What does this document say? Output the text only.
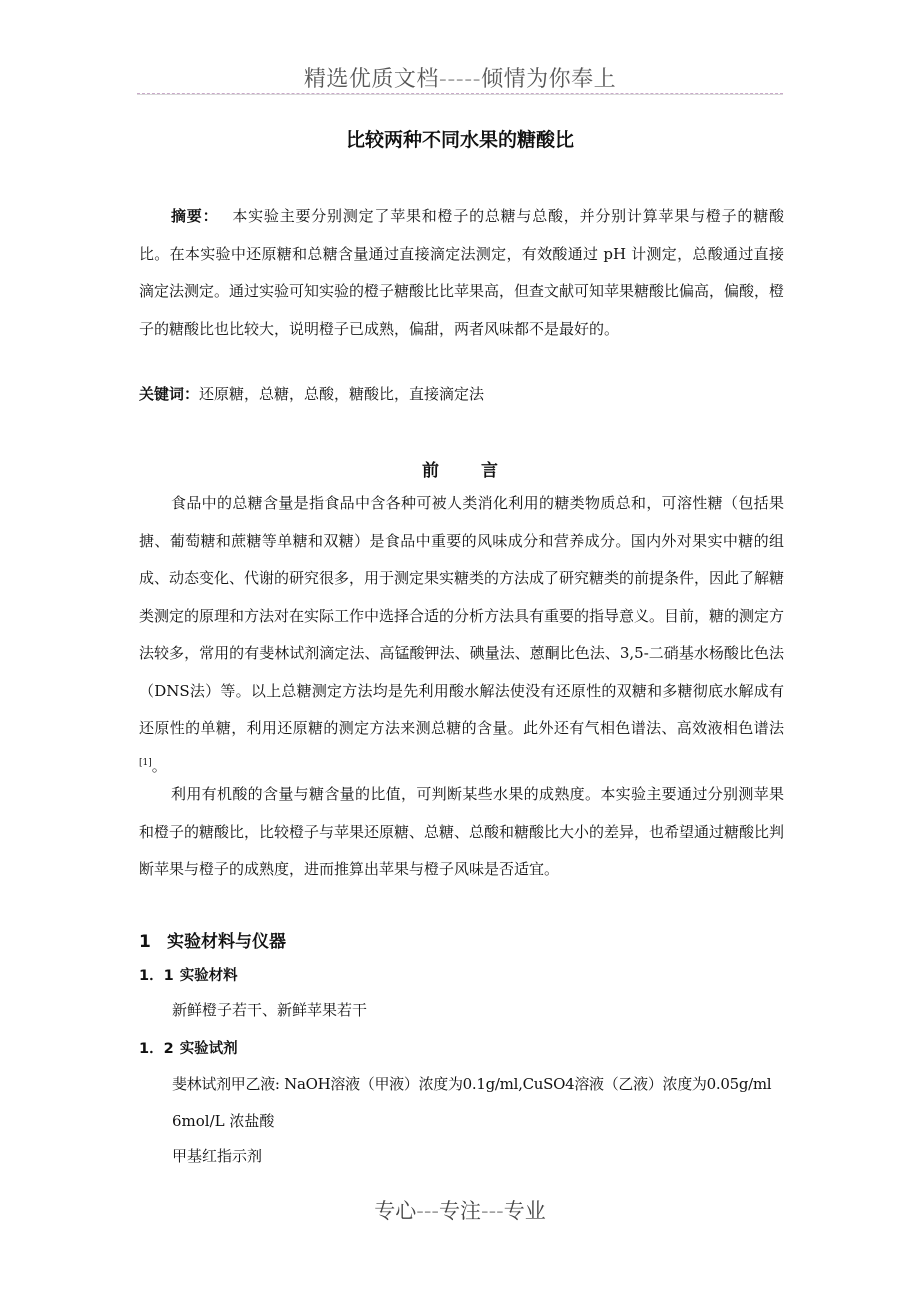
精选优质文档-----倾情为你奉上
比较两种不同水果的糖酸比
摘要： 本实验主要分别测定了苹果和橙子的总糖与总酸，并分别计算苹果与橙子的糖酸比。在本实验中还原糖和总糖含量通过直接滴定法测定，有效酸通过 pH 计测定，总酸通过直接滴定法测定。通过实验可知实验的橙子糖酸比比苹果高，但查文献可知苹果糖酸比偏高，偏酸，橙子的糖酸比也比较大，说明橙子已成熟，偏甜，两者风味都不是最好的。
关键词：还原糖，总糖，总酸，糖酸比，直接滴定法
前 言
食品中的总糖含量是指食品中含各种可被人类消化利用的糖类物质总和，可溶性糖（包括果搪、葡萄糖和蔗糖等单糖和双糖）是食品中重要的风味成分和营养成分。国内外对果实中糖的组成、动态变化、代谢的研究很多，用于测定果实糖类的方法成了研究糖类的前提条件，因此了解糖类测定的原理和方法对在实际工作中选择合适的分析方法具有重要的指导意义。目前，糖的测定方法较多，常用的有斐林试剂滴定法、高锰酸钾法、碘量法、蒽酮比色法、3,5-二硝基水杨酸比色法（DNS法）等。以上总糖测定方法均是先利用酸水解法使没有还原性的双糖和多糖彻底水解成有还原性的单糖，利用还原糖的测定方法来测总糖的含量。此外还有气相色谱法、高效液相色谱法[1]。
利用有机酸的含量与糖含量的比值，可判断某些水果的成熟度。本实验主要通过分别测苹果和橙子的糖酸比，比较橙子与苹果还原糖、总糖、总酸和糖酸比大小的差异，也希望通过糖酸比判断苹果与橙子的成熟度，进而推算出苹果与橙子风味是否适宜。
1 实验材料与仪器
1．1 实验材料
新鲜橙子若干、新鲜苹果若干
1．2 实验试剂
斐林试剂甲乙液: NaOH溶液（甲液）浓度为0.1g/ml,CuSO4溶液（乙液）浓度为0.05g/ml
6mol/L 浓盐酸
甲基红指示剂
专心---专注---专业
